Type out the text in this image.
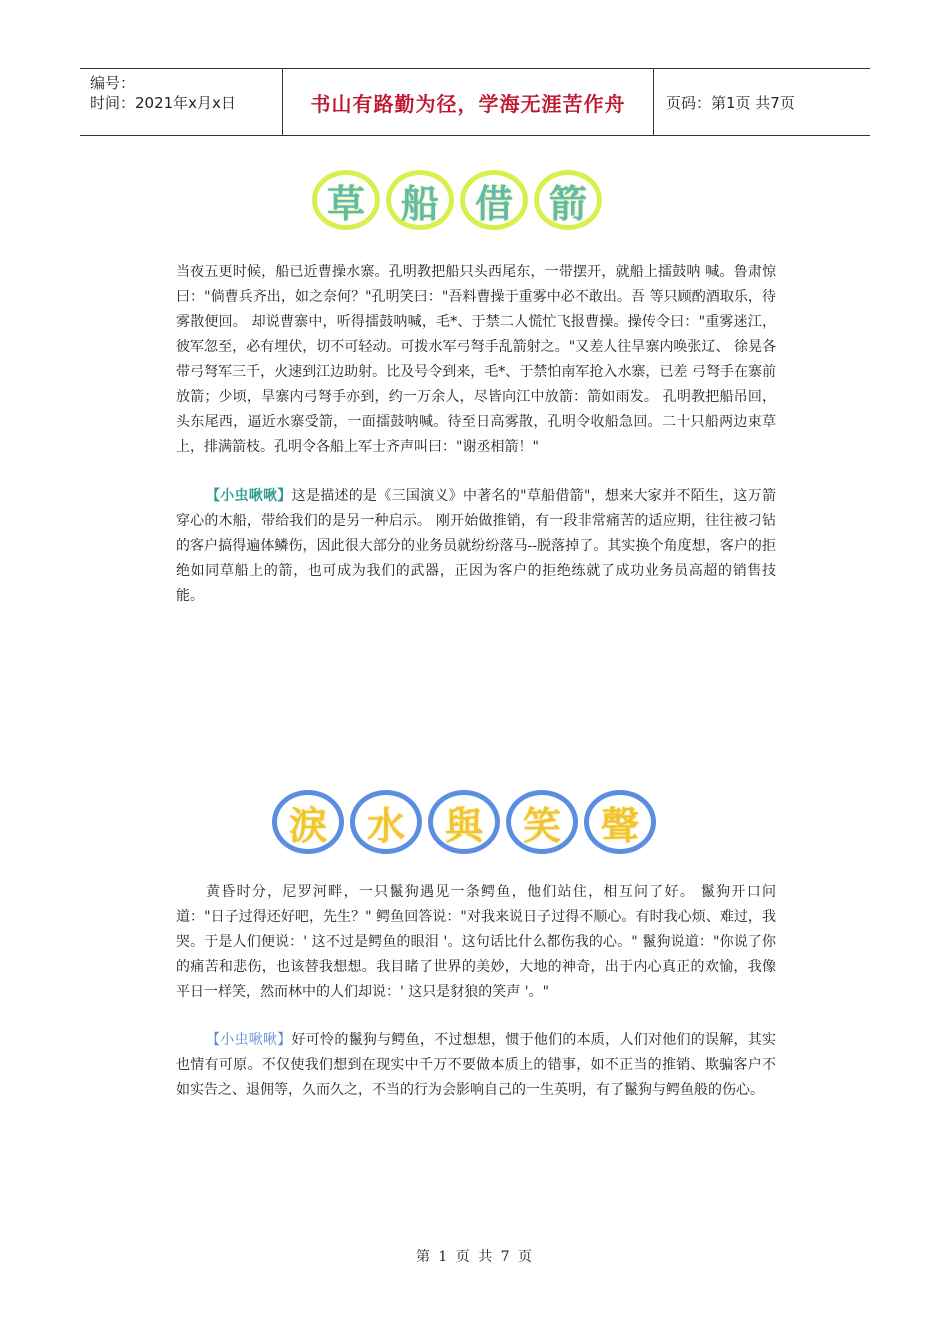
编号：
时间：2021年x月x日	书山有路勤为径，学海无涯苦作舟	页码：第1页 共7页
草 船 借 箭

当夜五更时候，船已近曹操水寨。孔明教把船只头西尾东，一带摆开，就船上擂鼓呐 喊。鲁肃惊曰："倘曹兵齐出，如之奈何？"孔明笑曰："吾料曹操于重雾中必不敢出。吾 等只顾酌酒取乐，待雾散便回。 却说曹寨中，听得擂鼓呐喊，毛*、于禁二人慌忙飞报曹操。操传令曰："重雾迷江， 彼军忽至，必有埋伏，切不可轻动。可拨水军弓弩手乱箭射之。"又差人往旱寨内唤张辽、 徐晃各带弓弩军三千，火速到江边助射。比及号令到来，毛*、于禁怕南军抢入水寨，已差 弓弩手在寨前放箭；少顷，旱寨内弓弩手亦到，约一万余人，尽皆向江中放箭：箭如雨发。 孔明教把船吊回，头东尾西，逼近水寨受箭，一面擂鼓呐喊。待至日高雾散，孔明令收船急回。二十只船两边束草上，排满箭枝。孔明令各船上军士齐声叫曰："谢丞相箭！"

【小虫啾啾】这是描述的是《三国演义》中著名的"草船借箭"，想来大家并不陌生，这万箭穿心的木船，带给我们的是另一种启示。 刚开始做推销，有一段非常痛苦的适应期，往往被刁钻的客户搞得遍体鳞伤，因此很大部分的业务员就纷纷落马--脱落掉了。其实换个角度想，客户的拒绝如同草船上的箭，也可成为我们的武器，正因为客户的拒绝练就了成功业务员高超的销售技能。

淚	水	與	笑	聲

黄昏时分，尼罗河畔，一只鬣狗遇见一条鳄鱼，他们站住，相互问了好。 鬣狗开口问道："日子过得还好吧，先生？" 鳄鱼回答说："对我来说日子过得不顺心。有时我心烦、难过，我哭。于是人们便说：' 这不过是鳄鱼的眼泪 '。这句话比什么都伤我的心。" 鬣狗说道："你说了你的痛苦和悲伤，也该替我想想。我目睹了世界的美妙，大地的神奇，出于内心真正的欢愉，我像平日一样笑，然而林中的人们却说：' 这只是豺狼的笑声 '。"

【小虫啾啾】好可怜的鬣狗与鳄鱼，不过想想，惯于他们的本质，人们对他们的误解，其实也情有可原。不仅使我们想到在现实中千万不要做本质上的错事，如不正当的推销、欺骗客户不如实告之、退佣等，久而久之，不当的行为会影响自己的一生英明，有了鬣狗与鳄鱼般的伤心。

第 1 页 共 7 页
